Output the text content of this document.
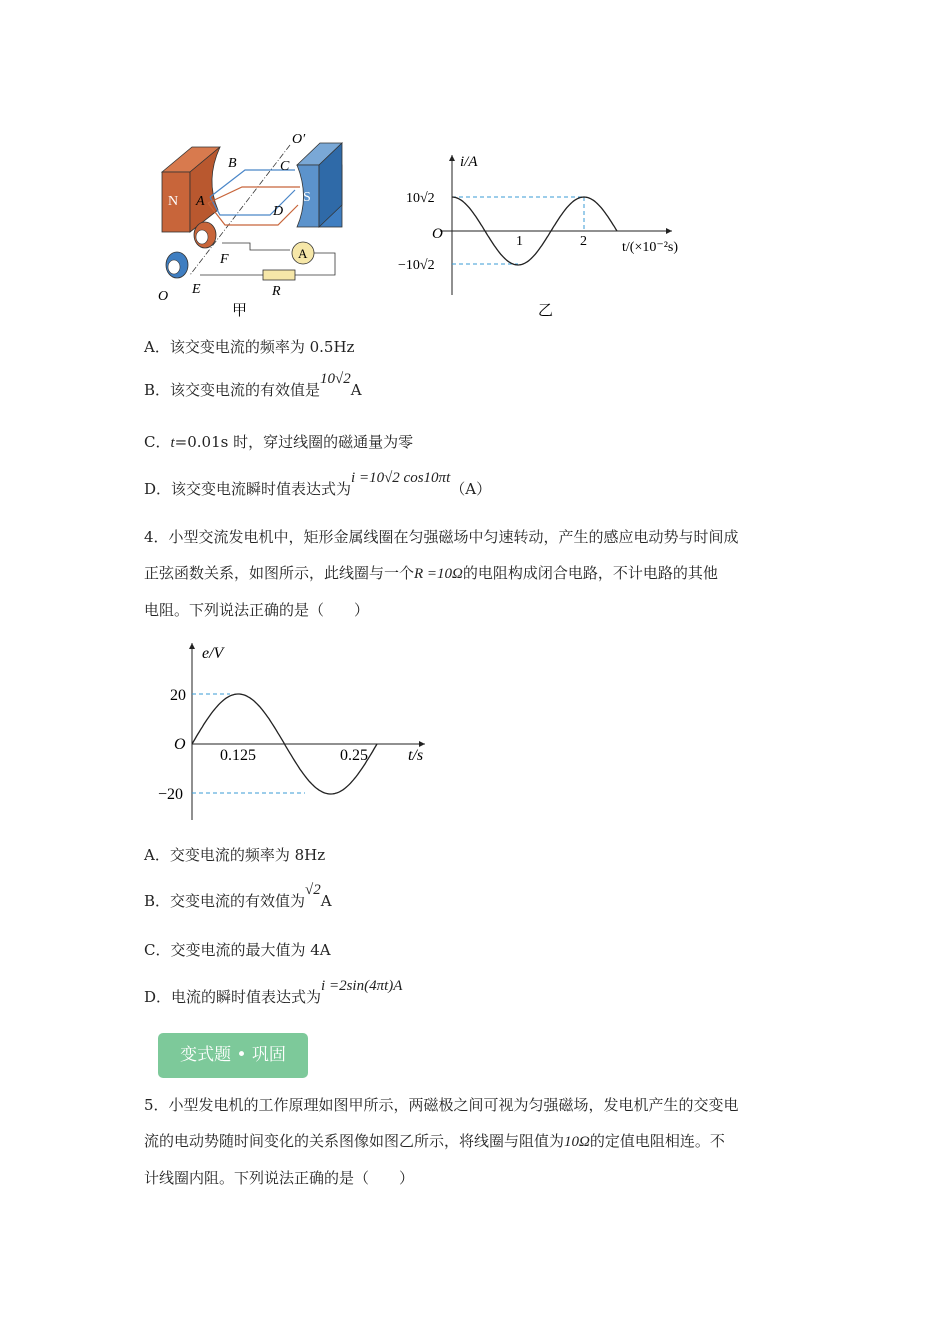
N	S
A
B	C
A
D
O′
F
E
O	R
甲
i/A
10√2
−10√2
O	1	2	t/(×10⁻²s)
乙
A．该交变电流的频率为 0.5Hz
B．该交变电流的有效值是10√2A
C．t=0.01s 时，穿过线圈的磁通量为零
D．该交变电流瞬时值表达式为i =10√2 cos10πt（A）
4．小型交流发电机中，矩形金属线圈在匀强磁场中匀速转动，产生的感应电动势与时间成
正弦函数关系，如图所示，此线圈与一个R =10Ω的电阻构成闭合电路，不计电路的其他
电阻。下列说法正确的是（　　）
e/V
20
−20
O
0.125	0.25	t/s
A．交变电流的频率为 8Hz
B．交变电流的有效值为√2A
C．交变电流的最大值为 4A
D．电流的瞬时值表达式为i =2sin(4πt)A
变式题 • 巩固
5．小型发电机的工作原理如图甲所示，两磁极之间可视为匀强磁场，发电机产生的交变电
流的电动势随时间变化的关系图像如图乙所示，将线圈与阻值为10Ω的定值电阻相连。不
计线圈内阻。下列说法正确的是（　　）
